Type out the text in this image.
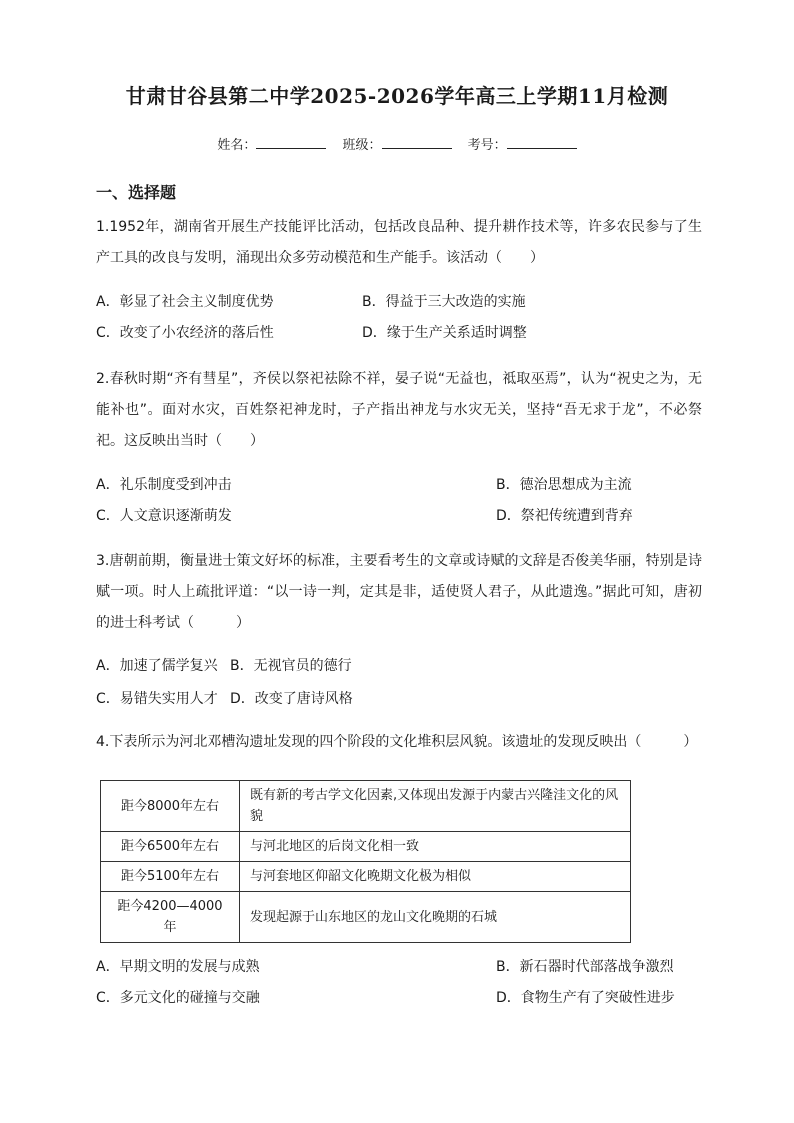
甘肃甘谷县第二中学2025-2026学年高三上学期11月检测
姓名：	班级：	考号：
一、选择题
1.1952年，湖南省开展生产技能评比活动，包括改良品种、提升耕作技术等，许多农民参与了生产工具的改良与发明，涌现出众多劳动模范和生产能手。该活动（　　）
A．彰显了社会主义制度优势	B．得益于三大改造的实施
C．改变了小农经济的落后性	D．缘于生产关系适时调整
2.春秋时期“齐有彗星”，齐侯以祭祀祛除不祥，晏子说“无益也，祗取巫焉”，认为“祝史之为，无能补也”。面对水灾，百姓祭祀神龙时，子产指出神龙与水灾无关，坚持“吾无求于龙”，不必祭祀。这反映出当时（　　）
A．礼乐制度受到冲击	B．德治思想成为主流
C．人文意识逐渐萌发	D．祭祀传统遭到背弃
3.唐朝前期，衡量进士策文好坏的标准，主要看考生的文章或诗赋的文辞是否俊美华丽，特别是诗赋一项。时人上疏批评道：“以一诗一判，定其是非，适使贤人君子，从此遗逸。”据此可知，唐初的进士科考试（　　　）
A．加速了儒学复兴 B．无视官员的德行
C．易错失实用人才 D．改变了唐诗风格
4.下表所示为河北邓槽沟遗址发现的四个阶段的文化堆积层风貌。该遗址的发现反映出（　　　）
距今8000年左右	既有新的考古学文化因素,又体现出发源于内蒙古兴隆洼文化的风貌
距今6500年左右	与河北地区的后岗文化相一致
距今5100年左右	与河套地区仰韶文化晚期文化极为相似
距今4200—4000年	发现起源于山东地区的龙山文化晚期的石城
A．早期文明的发展与成熟	B．新石器时代部落战争激烈
C．多元文化的碰撞与交融	D．食物生产有了突破性进步
